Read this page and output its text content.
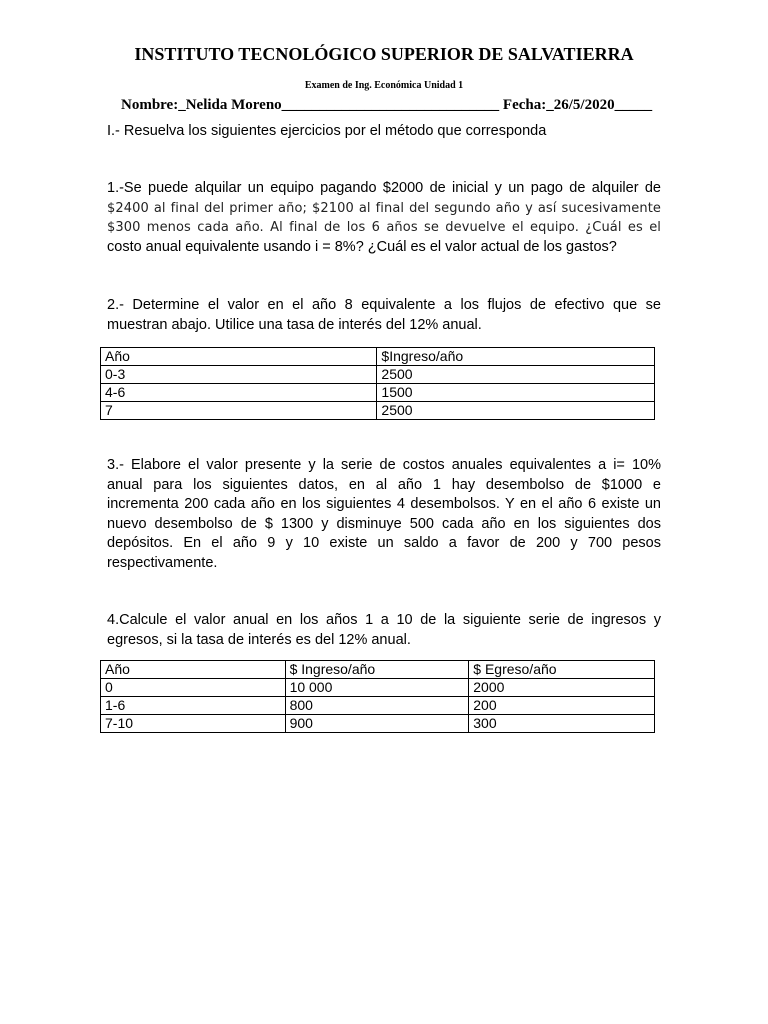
INSTITUTO TECNOLÓGICO SUPERIOR DE SALVATIERRA
Examen de Ing. Económica Unidad 1
Nombre:_Nelida Moreno_____________________________ Fecha:_26/5/2020_____
I.- Resuelva los siguientes ejercicios por el método que corresponda
1.-Se puede alquilar un equipo pagando $2000 de inicial y un pago de alquiler de
$2400 al final del primer año; $2100 al final del segundo año y así sucesivamente
$300 menos cada año. Al final de los 6 años se devuelve el equipo. ¿Cuál es el
costo anual equivalente usando i = 8%? ¿Cuál es el valor actual de los gastos?
2.- Determine el valor en el año 8 equivalente a los flujos de efectivo que se
muestran abajo. Utilice una tasa de interés del 12% anual.
Año	$Ingreso/año
0-3	2500
4-6	1500
7	2500
3.- Elabore el valor presente y la serie de costos anuales equivalentes a i= 10%
anual para los siguientes datos, en al año 1 hay desembolso de $1000 e
incrementa 200 cada año en los siguientes 4 desembolsos. Y en el año 6 existe un
nuevo desembolso de $ 1300 y disminuye 500 cada año en los siguientes dos
depósitos. En el año 9 y 10 existe un saldo a favor de 200 y 700 pesos
respectivamente.
4.Calcule el valor anual en los años 1 a 10 de la siguiente serie de ingresos y
egresos, si la tasa de interés es del 12% anual.
Año	$ Ingreso/año	$ Egreso/año
0	10 000	2000
1-6	800	200
7-10	900	300
